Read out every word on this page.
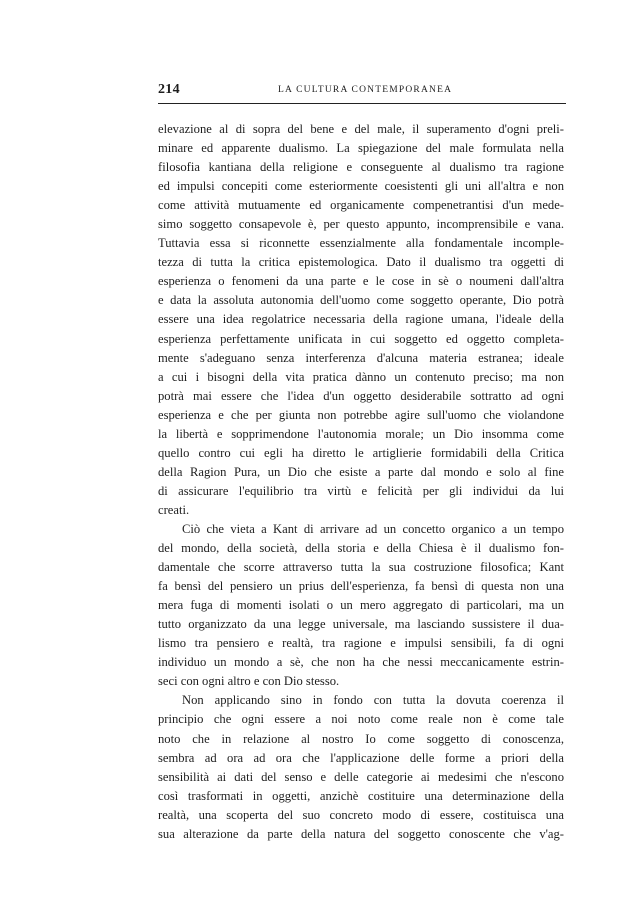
214	LA CULTURA CONTEMPORANEA
elevazione al di sopra del bene e del male, il superamento d'ogni preli-
minare ed apparente dualismo. La spiegazione del male formulata nella
filosofia kantiana della religione e conseguente al dualismo tra ragione
ed impulsi concepiti come esteriormente coesistenti gli uni all'altra e non
come attività mutuamente ed organicamente compenetrantisi d'un mede-
simo soggetto consapevole è, per questo appunto, incomprensibile e vana.
Tuttavia essa si riconnette essenzialmente alla fondamentale incomple-
tezza di tutta la critica epistemologica. Dato il dualismo tra oggetti di
esperienza o fenomeni da una parte e le cose in sè o noumeni dall'altra
e data la assoluta autonomia dell'uomo come soggetto operante, Dio potrà
essere una idea regolatrice necessaria della ragione umana, l'ideale della
esperienza perfettamente unificata in cui soggetto ed oggetto completa-
mente s'adeguano senza interferenza d'alcuna materia estranea; ideale
a cui i bisogni della vita pratica dànno un contenuto preciso; ma non
potrà mai essere che l'idea d'un oggetto desiderabile sottratto ad ogni
esperienza e che per giunta non potrebbe agire sull'uomo che violandone
la libertà e sopprimendone l'autonomia morale; un Dio insomma come
quello contro cui egli ha diretto le artiglierie formidabili della Critica
della Ragion Pura, un Dio che esiste a parte dal mondo e solo al fine
di assicurare l'equilibrio tra virtù e felicità per gli individui da lui
creati.
Ciò che vieta a Kant di arrivare ad un concetto organico a un tempo
del mondo, della società, della storia e della Chiesa è il dualismo fon-
damentale che scorre attraverso tutta la sua costruzione filosofica; Kant
fa bensì del pensiero un prius dell'esperienza, fa bensì di questa non una
mera fuga di momenti isolati o un mero aggregato di particolari, ma un
tutto organizzato da una legge universale, ma lasciando sussistere il dua-
lismo tra pensiero e realtà, tra ragione e impulsi sensibili, fa di ogni
individuo un mondo a sè, che non ha che nessi meccanicamente estrin-
seci con ogni altro e con Dio stesso.
Non applicando sino in fondo con tutta la dovuta coerenza il
principio che ogni essere a noi noto come reale non è come tale
noto che in relazione al nostro Io come soggetto di conoscenza,
sembra ad ora ad ora che l'applicazione delle forme a priori della
sensibilità ai dati del senso e delle categorie ai medesimi che n'escono
così trasformati in oggetti, anzichè costituire una determinazione della
realtà, una scoperta del suo concreto modo di essere, costituisca una
sua alterazione da parte della natura del soggetto conoscente che v'ag-
